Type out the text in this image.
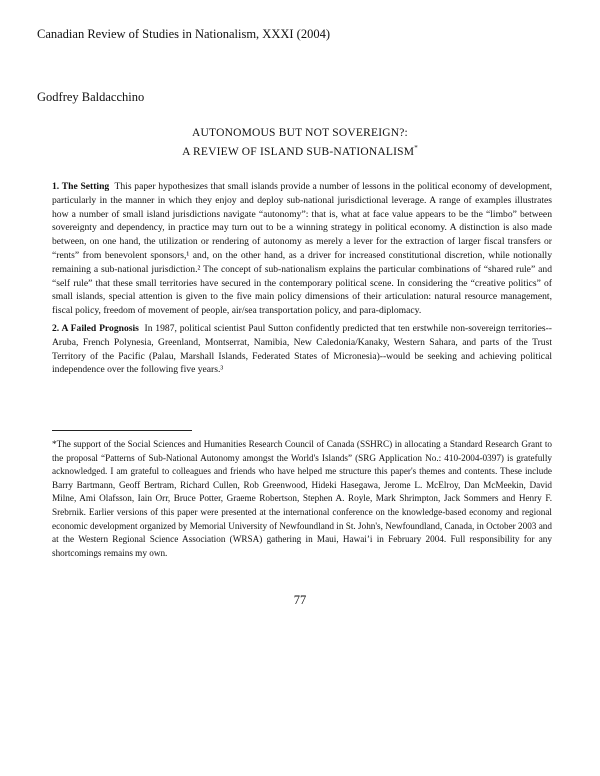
Canadian Review of Studies in Nationalism, XXXI (2004)
Godfrey Baldacchino
AUTONOMOUS BUT NOT SOVEREIGN?:
A REVIEW OF ISLAND SUB-NATIONALISM*

1. The Setting This paper hypothesizes that small islands provide a number of lessons in the political economy of development, particularly in the manner in which they enjoy and deploy sub-national jurisdictional leverage. A range of examples illustrates how a number of small island jurisdictions navigate “autonomy”: that is, what at face value appears to be the “limbo” between sovereignty and dependency, in practice may turn out to be a winning strategy in political economy. A distinction is also made between, on one hand, the utilization or rendering of autonomy as merely a lever for the extraction of larger fiscal transfers or “rents” from benevolent sponsors,¹ and, on the other hand, as a driver for increased constitutional discretion, while notionally remaining a sub-national jurisdiction.² The concept of sub-nationalism explains the particular combinations of “shared rule” and “self rule” that these small territories have secured in the contemporary political scene. In considering the “creative politics” of small islands, special attention is given to the five main policy dimensions of their articulation: natural resource management, fiscal policy, freedom of movement of people, air/sea transportation policy, and para-diplomacy.

2. A Failed Prognosis In 1987, political scientist Paul Sutton confidently predicted that ten erstwhile non-sovereign territories--Aruba, French Polynesia, Greenland, Montserrat, Namibia, New Caledonia/Kanaky, Western Sahara, and parts of the Trust Territory of the Pacific (Palau, Marshall Islands, Federated States of Micronesia)--would be seeking and achieving political independence over the following five years.³

*The support of the Social Sciences and Humanities Research Council of Canada (SSHRC) in allocating a Standard Research Grant to the proposal “Patterns of Sub-National Autonomy amongst the World's Islands” (SRG Application No.: 410-2004-0397) is gratefully acknowledged. I am grateful to colleagues and friends who have helped me structure this paper's themes and contents. These include Barry Bartmann, Geoff Bertram, Richard Cullen, Rob Greenwood, Hideki Hasegawa, Jerome L. McElroy, Dan McMeekin, David Milne, Ami Olafsson, Iain Orr, Bruce Potter, Graeme Robertson, Stephen A. Royle, Mark Shrimpton, Jack Sommers and Henry F. Srebrnik. Earlier versions of this paper were presented at the international conference on the knowledge-based economy and regional economic development organized by Memorial University of Newfoundland in St. John's, Newfoundland, Canada, in October 2003 and at the Western Regional Science Association (WRSA) gathering in Maui, Hawai’i in February 2004. Full responsibility for any shortcomings remains my own.
77
